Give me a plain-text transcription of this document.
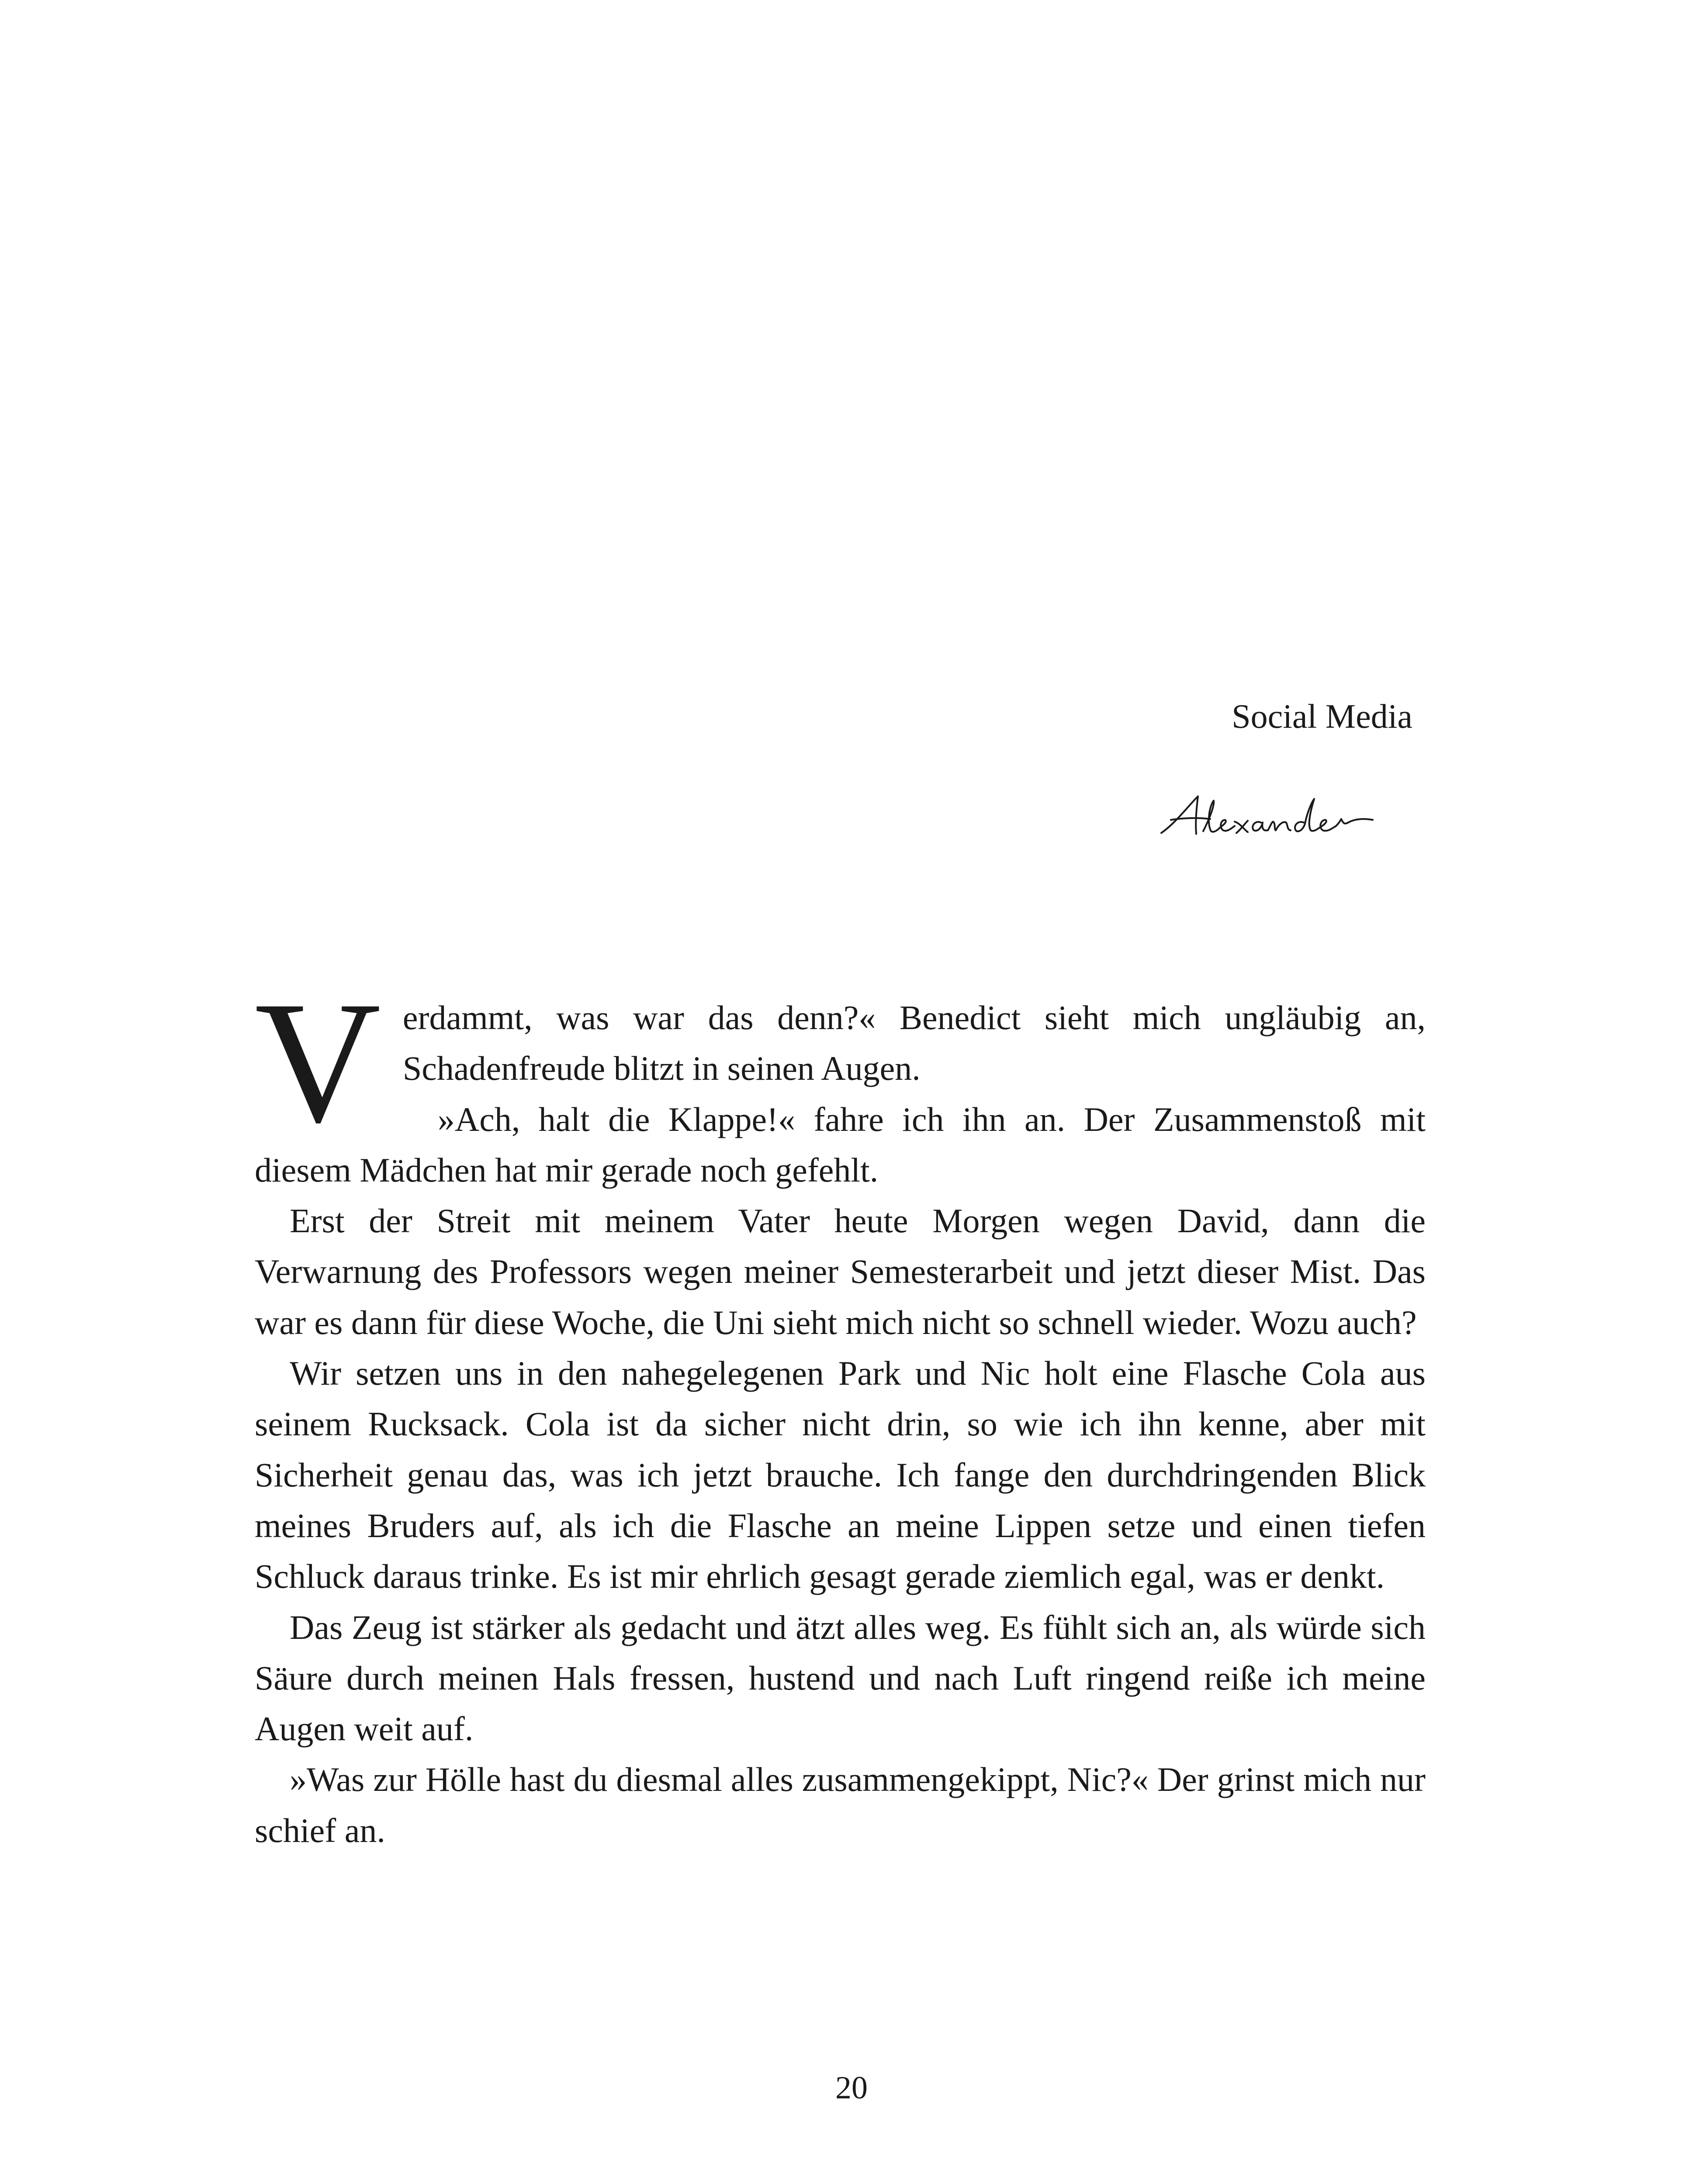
Social Media

Verdammt, was war das denn?« Benedict sieht mich ungläubig an, Schadenfreude blitzt in seinen Augen.

»Ach, halt die Klappe!« fahre ich ihn an. Der Zusammenstoß mit diesem Mädchen hat mir gerade noch gefehlt.

Erst der Streit mit meinem Vater heute Morgen wegen David, dann die Verwarnung des Professors wegen meiner Semesterarbeit und jetzt dieser Mist. Das war es dann für diese Woche, die Uni sieht mich nicht so schnell wieder. Wozu auch?

Wir setzen uns in den nahegelegenen Park und Nic holt eine Flasche Cola aus seinem Rucksack. Cola ist da sicher nicht drin, so wie ich ihn kenne, aber mit Sicherheit genau das, was ich jetzt brauche. Ich fange den durchdringenden Blick meines Bruders auf, als ich die Flasche an meine Lippen setze und einen tiefen Schluck daraus trinke. Es ist mir ehrlich gesagt gerade ziemlich egal, was er denkt.

Das Zeug ist stärker als gedacht und ätzt alles weg. Es fühlt sich an, als würde sich Säure durch meinen Hals fressen, hustend und nach Luft ringend reiße ich meine Augen weit auf.

»Was zur Hölle hast du diesmal alles zusammengekippt, Nic?« Der grinst mich nur schief an.

20
